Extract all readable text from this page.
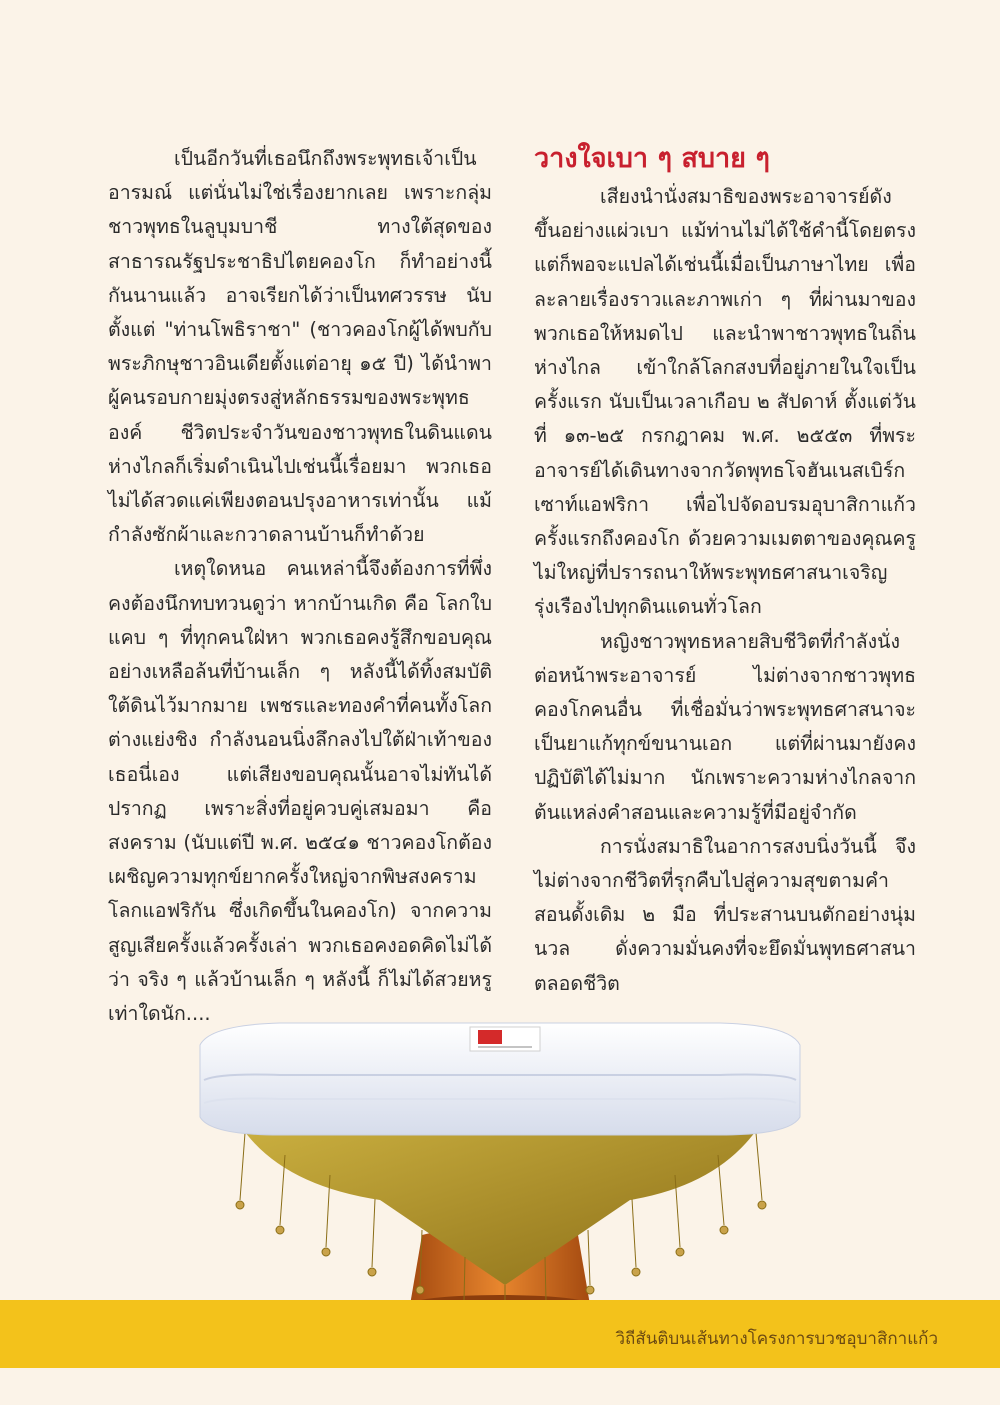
เป็นอีกวันที่เธอนึกถึงพระพุทธเจ้าเป็นอารมณ์ แต่นั่นไม่ใช่เรื่องยากเลย เพราะกลุ่มชาวพุทธในลูบุมบาชี ทางใต้สุดของสาธารณรัฐประชาธิปไตยคองโก ก็ทำอย่างนี้กันนานแล้ว อาจเรียกได้ว่าเป็นทศวรรษ นับตั้งแต่ "ท่านโพธิราชา" (ชาวคองโกผู้ได้พบกับพระภิกษุชาวอินเดียตั้งแต่อายุ ๑๕ ปี) ได้นำพาผู้คนรอบกายมุ่งตรงสู่หลักธรรมของพระพุทธองค์ ชีวิตประจำวันของชาวพุทธในดินแดนห่างไกลก็เริ่มดำเนินไปเช่นนี้เรื่อยมา พวกเธอไม่ได้สวดแค่เพียงตอนปรุงอาหารเท่านั้น แม้กำลังซักผ้าและกวาดลานบ้านก็ทำด้วย

เหตุใดหนอ คนเหล่านี้จึงต้องการที่พึ่ง คงต้องนึกทบทวนดูว่า หากบ้านเกิด คือ โลกใบแคบ ๆ ที่ทุกคนใฝ่หา พวกเธอคงรู้สึกขอบคุณอย่างเหลือล้นที่บ้านเล็ก ๆ หลังนี้ได้ทิ้งสมบัติใต้ดินไว้มากมาย เพชรและทองคำที่คนทั้งโลกต่างแย่งชิง กำลังนอนนิ่งลึกลงไปใต้ฝ่าเท้าของเธอนี่เอง แต่เสียงขอบคุณนั้นอาจไม่ทันได้ปรากฏ เพราะสิ่งที่อยู่ควบคู่เสมอมา คือ สงคราม (นับแต่ปี พ.ศ. ๒๕๔๑ ชาวคองโกต้องเผชิญความทุกข์ยากครั้งใหญ่จากพิษสงครามโลกแอฟริกัน ซึ่งเกิดขึ้นในคองโก) จากความสูญเสียครั้งแล้วครั้งเล่า พวกเธอคงอดคิดไม่ได้ว่า จริง ๆ แล้วบ้านเล็ก ๆ หลังนี้ ก็ไม่ได้สวยหรูเท่าใดนัก....

วางใจเบา ๆ สบาย ๆ

เสียงนำนั่งสมาธิของพระอาจารย์ดังขึ้นอย่างแผ่วเบา แม้ท่านไม่ได้ใช้คำนี้โดยตรง แต่ก็พอจะแปลได้เช่นนี้เมื่อเป็นภาษาไทย เพื่อละลายเรื่องราวและภาพเก่า ๆ ที่ผ่านมาของพวกเธอให้หมดไป และนำพาชาวพุทธในถิ่นห่างไกล เข้าใกล้โลกสงบที่อยู่ภายในใจเป็นครั้งแรก นับเป็นเวลาเกือบ ๒ สัปดาห์ ตั้งแต่วันที่ ๑๓-๒๕ กรกฎาคม พ.ศ. ๒๕๕๓ ที่พระอาจารย์ได้เดินทางจากวัดพุทธโจฮันเนสเบิร์ก เซาท์แอฟริกา เพื่อไปจัดอบรมอุบาสิกาแก้วครั้งแรกถึงคองโก ด้วยความเมตตาของคุณครูไม่ใหญ่ที่ปรารถนาให้พระพุทธศาสนาเจริญรุ่งเรืองไปทุกดินแดนทั่วโลก

หญิงชาวพุทธหลายสิบชีวิตที่กำลังนั่งต่อหน้าพระอาจารย์ ไม่ต่างจากชาวพุทธคองโกคนอื่น ที่เชื่อมั่นว่าพระพุทธศาสนาจะเป็นยาแก้ทุกข์ขนานเอก แต่ที่ผ่านมายังคงปฏิบัติได้ไม่มาก นักเพราะความห่างไกลจากต้นแหล่งคำสอนและความรู้ที่มีอยู่จำกัด

การนั่งสมาธิในอาการสงบนิ่งวันนี้ จึงไม่ต่างจากชีวิตที่รุกคืบไปสู่ความสุขตามคำสอนดั้งเดิม ๒ มือ ที่ประสานบนตักอย่างนุ่มนวล ดั่งความมั่นคงที่จะยึดมั่นพุทธศาสนาตลอดชีวิต

วิถีสันติบนเส้นทางโครงการบวชอุบาสิกาแก้ว
